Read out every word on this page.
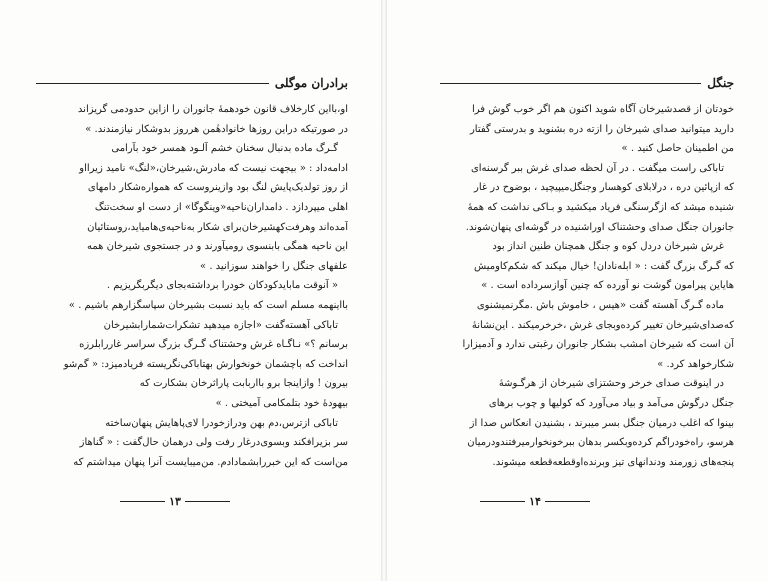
برادران موگلی
او،بااین کارخلاف قانون خودهمهٔ جانوران را ازاین حدودمی گریزاند
در صورتیکه دراین روزها خانوادهٔمن هرروز بدوشکار نیازمندند. »
گـرگ ماده بدنبال سخنان خشم آلـود همسر خود بآرامی
ادامه‌داد : « بیجهت نیست که مادرش،شیرخان،«لنگ» نامید زیرااو
از روز تولدیک‌پایش لنگ بود وازینروست که همواره‌شکار دامهای
اهلی میپردازد . دامداران‌ناحیه«وینگوگا» از دست او سخت‌تنگ
آمده‌اند وهرفت‌کهشیرخان‌برای شکار به‌ناحیه‌ی‌هامیاید،روستائیان
این ناحیه همگی بابنسوی رومیآورند و در جستجوی شیرخان همه
علفهای جنگل را خواهند سوزانید . »
« آنوقت مابایدکودکان خودرا برداشته‌بجای دیگربگریزیم .
باا‌ینهمه مسلم است که باید نسبت بشیرخان سپاسگزارهم باشیم . »
تاباکی آهسته‌گفت «اجازه میدهید تشکرات‌شمارا‌بشیرخان
برسانم ؟» نـاگـاه غرش وحشتناک گـرگ بزرگ سراسر غاررابلرزه
انداخت که باچشمان خونخوارش بهتاباکی‌نگریسته فریادمیزد: « گم‌شو
بیرون ! وازاینجا برو بااربابت پاراثرخان بشکارت که
بیهودهٔ خود بتلمکامی آمیختی . »
تاباکی از‌ترس،دم بهن ودرازخودرا لای‌پاهایش پنهان‌ساخته
سر بزیرافکند وبسوی‌درغار رفت ولی درهمان حال‌گفت : « گناهاز
من‌است که این خبررابشمادادم. من‌میبایست آنرا پنهان میداشتم که
۱۳
جنگل
خودتان از قصدشیرخان آگاه شوید اکنون هم اگر خوب گوش فرا
دارید میتوانید صدای شیرخان را ازته دره بشنوید و بدرستی گفتار
من اطمینان حاصل کنید . »
تاباکی راست میگفت . در آن لحظه صدای غرش ببر گرسنه‌ای
که ازپائین دره ، درلابلای کوهسار وجنگل‌میپیچید ، بوضوح در غار
شنیده میشد که ازگرسنگی فریاد میکشید و بـاکی نداشت که همهٔ
جانوران جنگل صدای وحشتناک او‌راشنیده در گوشه‌ای پنهان‌شوند.
غرش شیرخان دردل کوه و جنگل همچنان طنین انداز بود
که گـرگ بزرگ گفت : « ابله‌نادان! خیال میکند که شکم‌کاومیش
هایاین پیرامون گوشت نو آورده که چنین آوازسرداده است . »
ماده گـرگ آهسته گفت «هیس ، خاموش باش .مگرنمیشنوی
که‌صدای‌شیرخان تغییر کرده‌وبجای غرش ،خرخرمیکند . این‌نشانهٔ
آن است که شیرخان امشب بشکار جانوران رغبتی ندارد و آدمیزارا
شکارخواهد کرد. »
در اینوقت صدای خرخر وحشتزای شیرخان از هرگـوشهٔ
جنگل درگوش می‌آمد و بیاد می‌آورد که کولیها و چوب برهای
بینوا که اغلب درمیان جنگل بسر میبرند ، بشنیدن انعکاس صدا از
هرسو، راه‌خودراگم کرده‌وبکسر بدهان ببرخونخوارمیرفتندودرمیان
پنجه‌های زورمند ودندانهای تیز وبرنده‌اوقطعه‌قطعه میشوند.
۱۴
